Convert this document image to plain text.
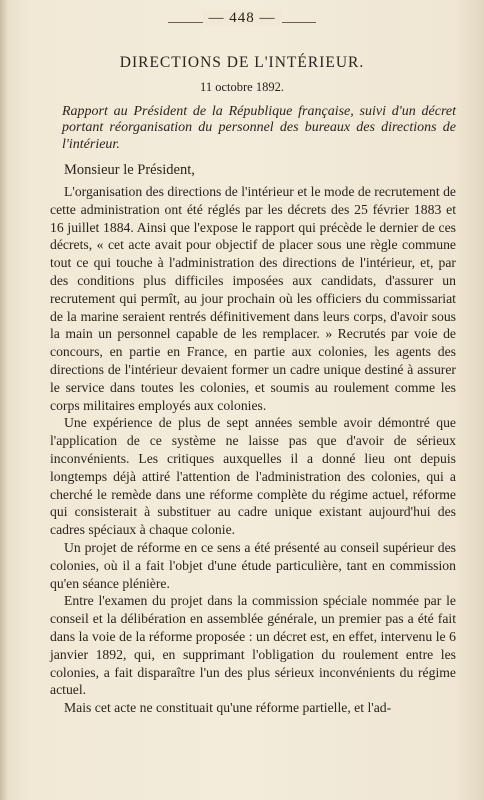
— 448 —
DIRECTIONS DE L'INTÉRIEUR.
11 octobre 1892.
Rapport au Président de la République française, suivi d'un décret portant réorganisation du personnel des bureaux des directions de l'intérieur.
Monsieur le Président,

L'organisation des directions de l'intérieur et le mode de recrutement de cette administration ont été réglés par les décrets des 25 février 1883 et 16 juillet 1884. Ainsi que l'expose le rapport qui précède le dernier de ces décrets, « cet acte avait pour objectif de placer sous une règle commune tout ce qui touche à l'administration des directions de l'intérieur, et, par des conditions plus difficiles imposées aux candidats, d'assurer un recrutement qui permît, au jour prochain où les officiers du commissariat de la marine seraient rentrés définitivement dans leurs corps, d'avoir sous la main un personnel capable de les remplacer. » Recrutés par voie de concours, en partie en France, en partie aux colonies, les agents des directions de l'intérieur devaient former un cadre unique destiné à assurer le service dans toutes les colonies, et soumis au roulement comme les corps militaires employés aux colonies.

Une expérience de plus de sept années semble avoir démontré que l'application de ce système ne laisse pas que d'avoir de sérieux inconvénients. Les critiques auxquelles il a donné lieu ont depuis longtemps déjà attiré l'attention de l'administration des colonies, qui a cherché le remède dans une réforme complète du régime actuel, réforme qui consisterait à substituer au cadre unique existant aujourd'hui des cadres spéciaux à chaque colonie.

Un projet de réforme en ce sens a été présenté au conseil supérieur des colonies, où il a fait l'objet d'une étude particulière, tant en commission qu'en séance plénière.

Entre l'examen du projet dans la commission spéciale nommée par le conseil et la délibération en assemblée générale, un premier pas a été fait dans la voie de la réforme proposée : un décret est, en effet, intervenu le 6 janvier 1892, qui, en supprimant l'obligation du roulement entre les colonies, a fait disparaître l'un des plus sérieux inconvénients du régime actuel.

Mais cet acte ne constituait qu'une réforme partielle, et l'ad-
